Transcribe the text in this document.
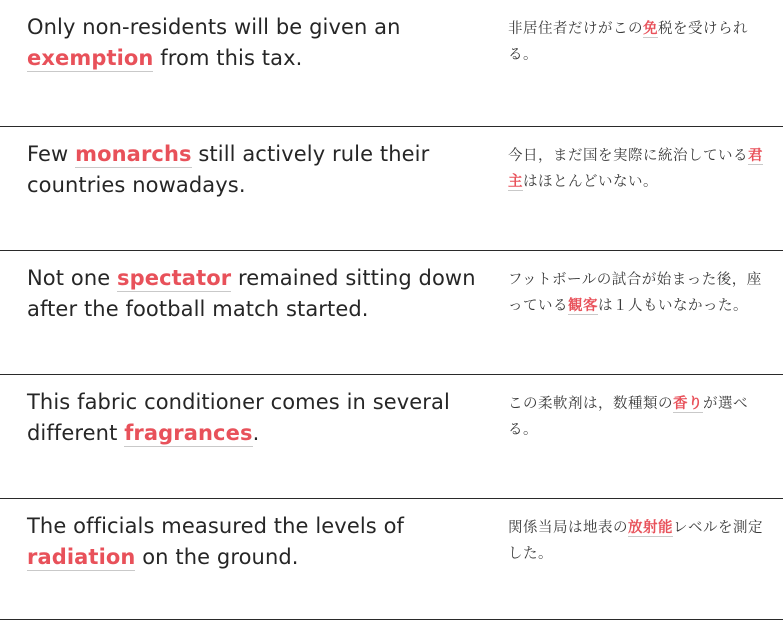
Only non-residents will be given an
exemption from this tax.
非居住者だけがこの免税を受けられる。
Few monarchs still actively rule their countries nowadays.
今日，まだ国を実際に統治している君主はほとんどいない。
Not one spectator remained sitting down after the football match started.
フットボールの試合が始まった後，座っている観客は１人もいなかった。
This fabric conditioner comes in several different fragrances.
この柔軟剤は，数種類の香りが選べる。
The officials measured the levels of
radiation on the ground.
関係当局は地表の放射能レベルを測定した。
